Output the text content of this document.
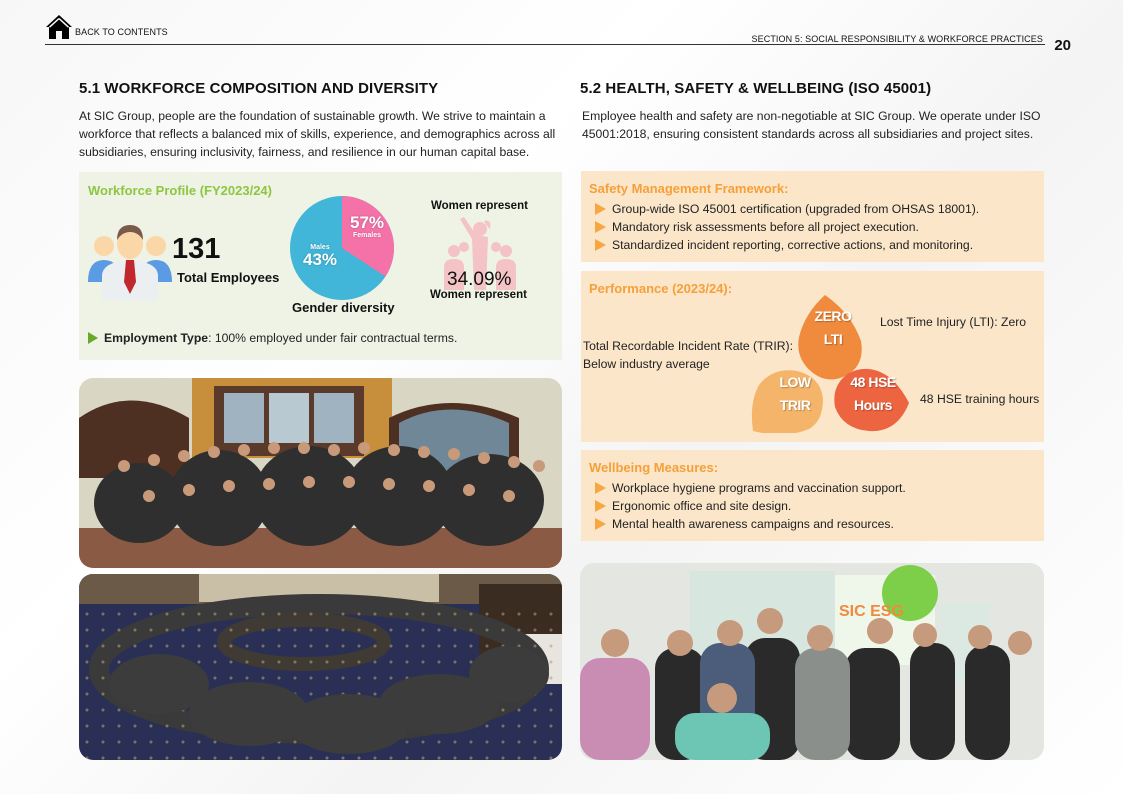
BACK TO CONTENTS
SECTION 5: SOCIAL RESPONSIBILITY & WORKFORCE PRACTICES 20
5.1 WORKFORCE COMPOSITION AND DIVERSITY

At SIC Group, people are the foundation of sustainable growth. We strive to maintain a workforce that reflects a balanced mix of skills, experience, and demographics across all subsidiaries, ensuring inclusivity, fairness, and resilience in our human capital base.

Workforce Profile (FY2023/24)
131
Total Employees
57%
Females
Males
43%
Gender diversity
Women represent
34.09%
Women represent
Employment Type: 100% employed under fair contractual terms.
5.2 HEALTH, SAFETY & WELLBEING (ISO 45001)

Employee health and safety are non-negotiable at SIC Group. We operate under ISO 45001:2018, ensuring consistent standards across all subsidiaries and project sites.

Safety Management Framework:
Group-wide ISO 45001 certification (upgraded from OHSAS 18001).
Mandatory risk assessments before all project execution.
Standardized incident reporting, corrective actions, and monitoring.
Performance (2023/24):
Total Recordable Incident Rate (TRIR):
Below industry average
Lost Time Injury (LTI): Zero
48 HSE training hours
ZERO
LTI
LOW
TRIR
48 HSE
Hours
Wellbeing Measures:
Workplace hygiene programs and vaccination support.
Ergonomic office and site design.
Mental health awareness campaigns and resources.
SIC ESG
